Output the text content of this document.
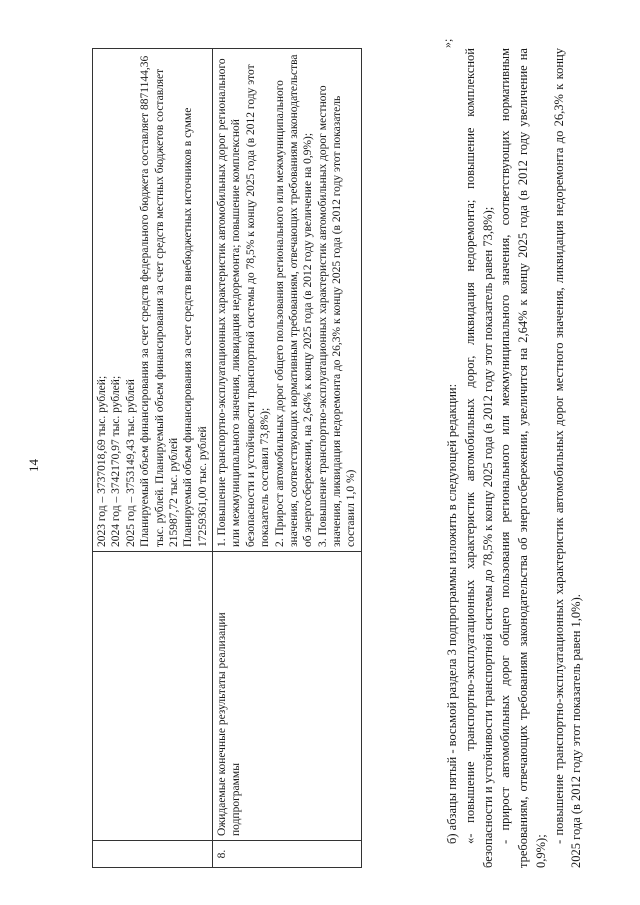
14

		2023 год – 3737018,69 тыс. рублей; 2024 год – 3742170,97 тыс. рублей; 2025 год – 3753149,43 тыс. рублей Планируемый объем финансирования за счет средств федерального бюджета составляет 8871144,36 тыс. рублей. Планируемый объем финансирования за счет средств местных бюджетов составляет 215987,72 тыс. рублей Планируемый объем финансирования за счет средств внебюджетных источников в сумме 17259361,00 тыс. рублей

8.	Ожидаемые конечные результаты реализации подпрограммы	1. Повышение транспортно-эксплуатационных характеристик автомобильных дорог регионального или межмуниципального значения, ликвидация недоремонта; повышение комплексной безопасности и устойчивости транспортной системы до 78,5% к концу 2025 года (в 2012 году этот показатель составил 73,8%); 2. Прирост автомобильных дорог общего пользования регионального или межмуниципального значения, соответствующих нормативным требованиям, отвечающих требованиям законодательства об энергосбережении, на 2,64% к концу 2025 года (в 2012 году увеличение на 0,9%); 3. Повышение транспортно-эксплуатационных характеристик автомобильных дорог местного значения, ликвидация недоремонта до 26,3% к концу 2025 года (в 2012 году этот показатель составил 1,0 %)
»;
б) абзацы пятый - восьмой раздела 3 подпрограммы изложить в следующей редакции: «- повышение транспортно-эксплуатационных характеристик автомобильных дорог, ликвидация недоремонта; повышение комплексной безопасности и устойчивости транспортной системы до 78,5% к концу 2025 года (в 2012 году этот показатель равен 73,8%); - прирост автомобильных дорог общего пользования регионального или межмуниципального значения, соответствующих нормативным требованиям, отвечающих требованиям законодательства об энергосбережении, увеличится на 2,64% к концу 2025 года (в 2012 году увеличение на 0,9%);
- повышение транспортно-эксплуатационных характеристик автомобильных дорог местного значения, ликвидация недоремонта до 26,3% к концу 2025 года (в 2012 году этот показатель равен 1,0%).
